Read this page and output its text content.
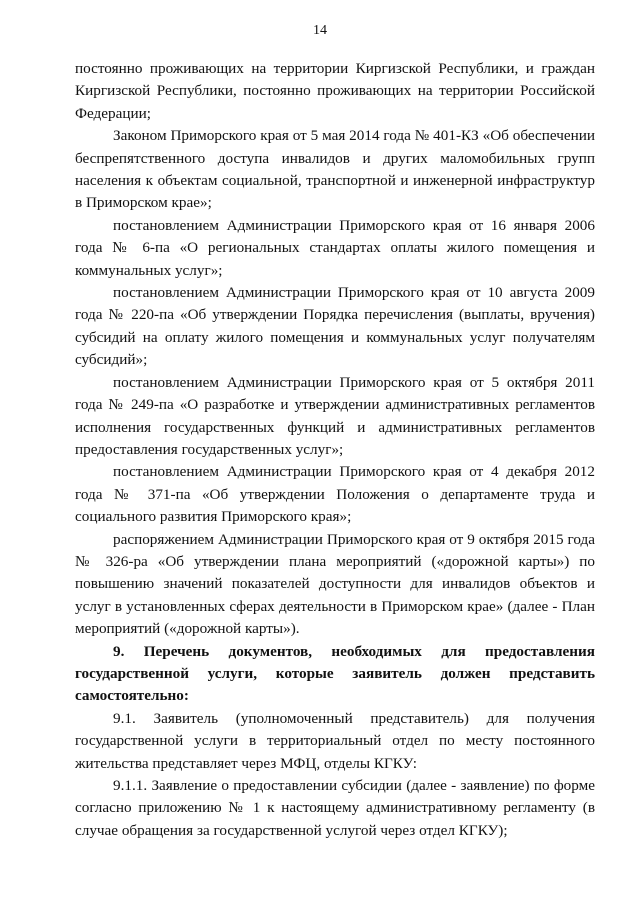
14

постоянно проживающих на территории Киргизской Республики, и граждан Киргизской Республики, постоянно проживающих на территории Российской Федерации;

Законом Приморского края от 5 мая 2014 года № 401-КЗ «Об обеспечении беспрепятственного доступа инвалидов и других маломобильных групп населения к объектам социальной, транспортной и инженерной инфраструктур в Приморском крае»;

постановлением Администрации Приморского края от 16 января 2006 года № 6-па «О региональных стандартах оплаты жилого помещения и коммунальных услуг»;

постановлением Администрации Приморского края от 10 августа 2009 года № 220-па «Об утверждении Порядка перечисления (выплаты, вручения) субсидий на оплату жилого помещения и коммунальных услуг получателям субсидий»;

постановлением Администрации Приморского края от 5 октября 2011 года № 249-па «О разработке и утверждении административных регламентов исполнения государственных функций и административных регламентов предоставления государственных услуг»;

постановлением Администрации Приморского края от 4 декабря 2012 года № 371-па «Об утверждении Положения о департаменте труда и социального развития Приморского края»;

распоряжением Администрации Приморского края от 9 октября 2015 года № 326-ра «Об утверждении плана мероприятий («дорожной карты») по повышению значений показателей доступности для инвалидов объектов и услуг в установленных сферах деятельности в Приморском крае» (далее - План мероприятий («дорожной карты»).

9. Перечень документов, необходимых для предоставления государственной услуги, которые заявитель должен представить самостоятельно:

9.1. Заявитель (уполномоченный представитель) для получения государственной услуги в территориальный отдел по месту постоянного жительства представляет через МФЦ, отделы КГКУ:

9.1.1. Заявление о предоставлении субсидии (далее - заявление) по форме согласно приложению № 1 к настоящему административному регламенту (в случае обращения за государственной услугой через отдел КГКУ);
